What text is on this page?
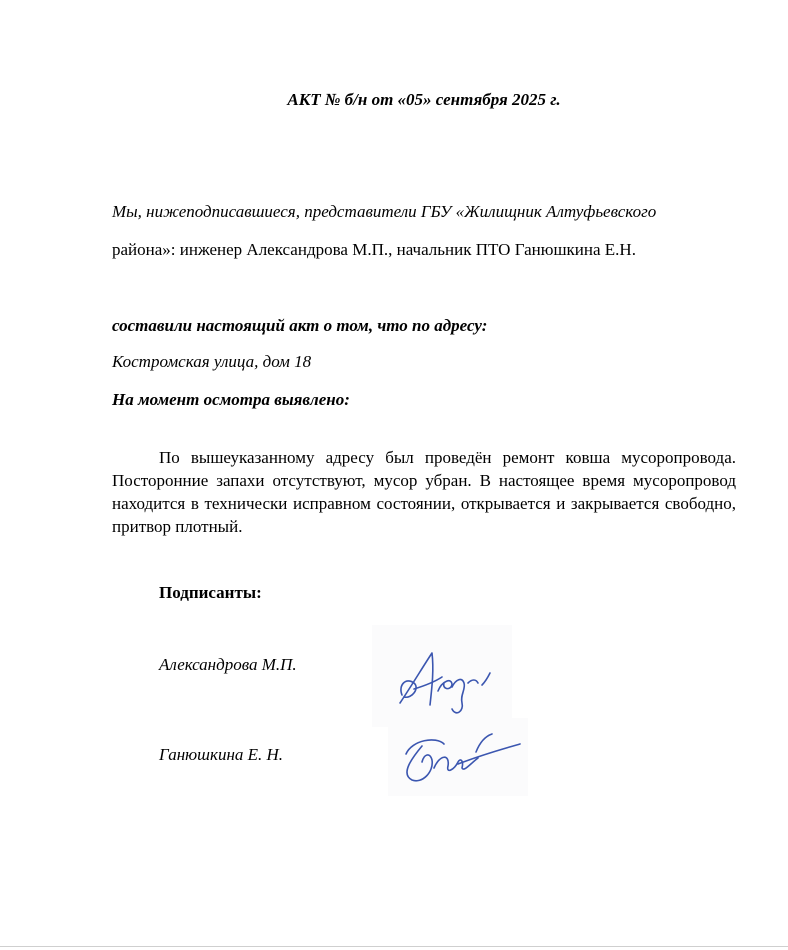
АКТ № б/н от «05» сентября 2025 г.
Мы, нижеподписавшиеся, представители ГБУ «Жилищник Алтуфьевского
района»: инженер Александрова М.П., начальник ПТО Ганюшкина Е.Н.
составили настоящий акт о том, что по адресу:
Костромская улица, дом 18
На момент осмотра выявлено:
По вышеуказанному адресу был проведён ремонт ковша мусоропровода. Посторонние запахи отсутствуют, мусор убран. В настоящее время мусоропровод находится в технически исправном состоянии, открывается и закрывается свободно, притвор плотный.
Подписанты:
Александрова М.П.
Ганюшкина Е. Н.
